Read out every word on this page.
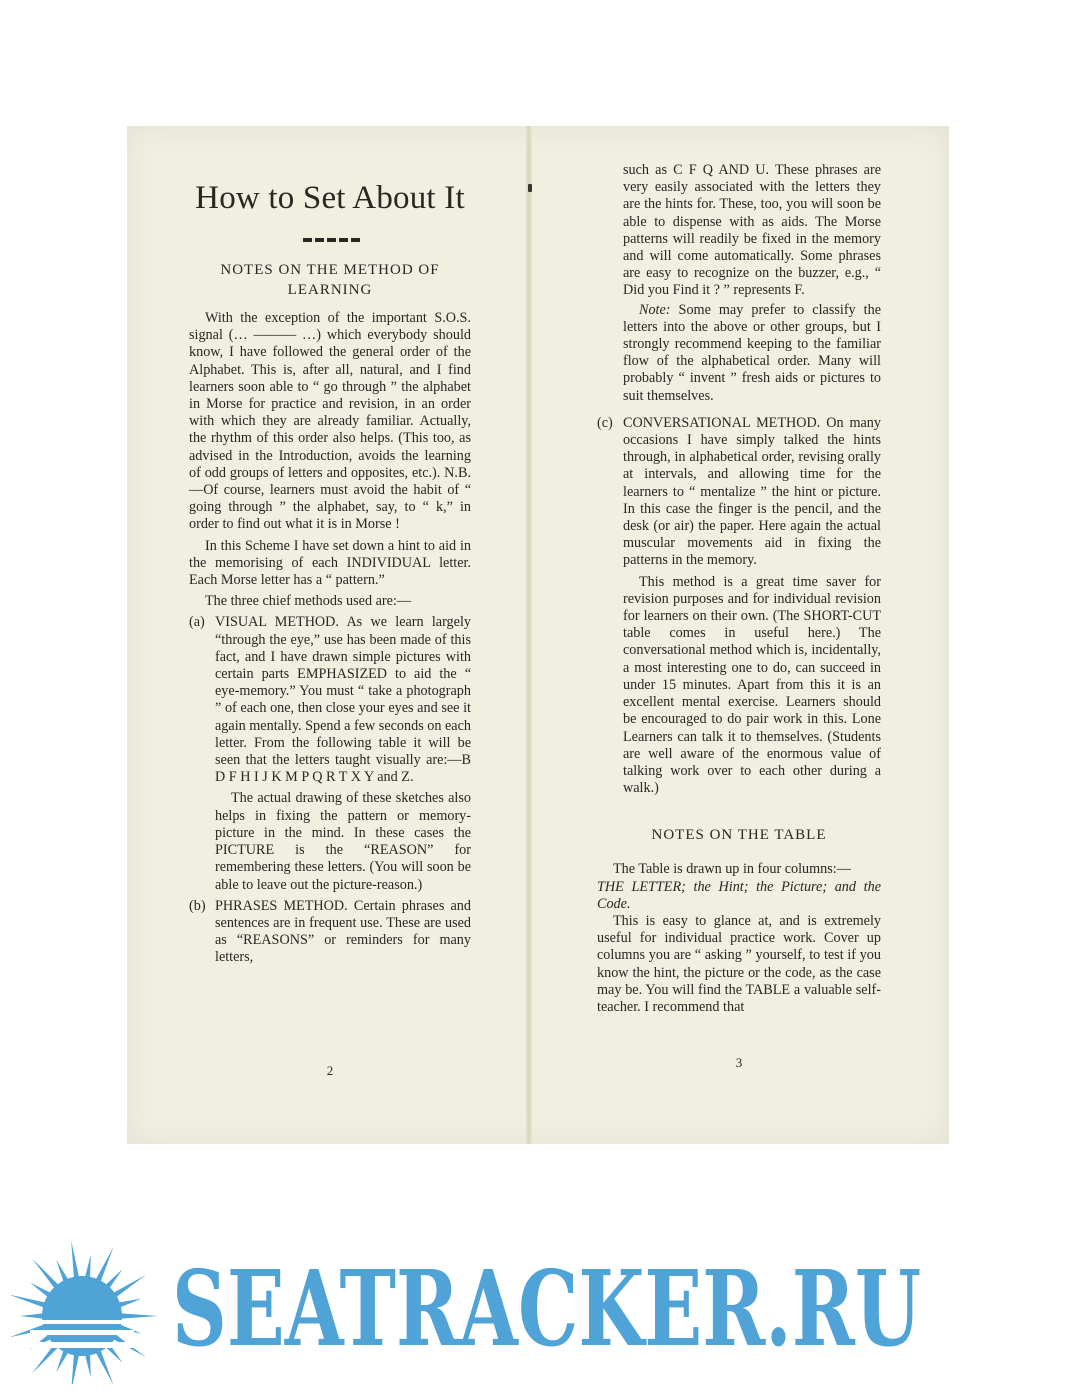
How to Set About It
NOTES ON THE METHOD OF
LEARNING

With the exception of the important S.O.S. signal (… ——— …) which everybody should know, I have followed the general order of the Alphabet. This is, after all, natural, and I find learners soon able to “ go through ” the alphabet in Morse for practice and revision, in an order with which they are already familiar. Actually, the rhythm of this order also helps. (This too, as advised in the Introduction, avoids the learning of odd groups of letters and opposites, etc.). N.B.—Of course, learners must avoid the habit of “ going through ” the alphabet, say, to “ k,” in order to find out what it is in Morse !

In this Scheme I have set down a hint to aid in the memorising of each INDIVIDUAL letter. Each Morse letter has a “ pattern.”

The three chief methods used are:—

(a) VISUAL METHOD. As we learn largely “through the eye,” use has been made of this fact, and I have drawn simple pictures with certain parts EMPHASIZED to aid the “ eye-memory.” You must “ take a photograph ” of each one, then close your eyes and see it again mentally. Spend a few seconds on each letter. From the following table it will be seen that the letters taught visually are:—B D F H I J K M P Q R T X Y and Z.

The actual drawing of these sketches also helps in fixing the pattern or memory-picture in the mind. In these cases the PICTURE is the “REASON” for remembering these letters. (You will soon be able to leave out the picture-reason.)

(b) PHRASES METHOD. Certain phrases and sentences are in frequent use. These are used as “REASONS” or reminders for many letters,

2

such as C F Q AND U. These phrases are very easily associated with the letters they are the hints for. These, too, you will soon be able to dispense with as aids. The Morse patterns will readily be fixed in the memory and will come automatically. Some phrases are easy to recognize on the buzzer, e.g., “ Did you Find it ? ” represents F.

Note: Some may prefer to classify the letters into the above or other groups, but I strongly recommend keeping to the familiar flow of the alphabetical order. Many will probably “ invent ” fresh aids or pictures to suit themselves.

(c) CONVERSATIONAL METHOD. On many occasions I have simply talked the hints through, in alphabetical order, revising orally at intervals, and allowing time for the learners to “ mentalize ” the hint or picture. In this case the finger is the pencil, and the desk (or air) the paper. Here again the actual muscular movements aid in fixing the patterns in the memory.

This method is a great time saver for revision purposes and for individual revision for learners on their own. (The SHORT-CUT table comes in useful here.) The conversational method which is, incidentally, a most interesting one to do, can succeed in under 15 minutes. Apart from this it is an excellent mental exercise. Learners should be encouraged to do pair work in this. Lone Learners can talk it to themselves. (Students are well aware of the enormous value of talking work over to each other during a walk.)

NOTES ON THE TABLE

The Table is drawn up in four columns:—

THE LETTER; the Hint; the Picture; and the Code.

This is easy to glance at, and is extremely useful for individual practice work. Cover up columns you are “ asking ” yourself, to test if you know the hint, the picture or the code, as the case may be. You will find the TABLE a valuable self-teacher. I recommend that

3
SEATRACKER.RU
